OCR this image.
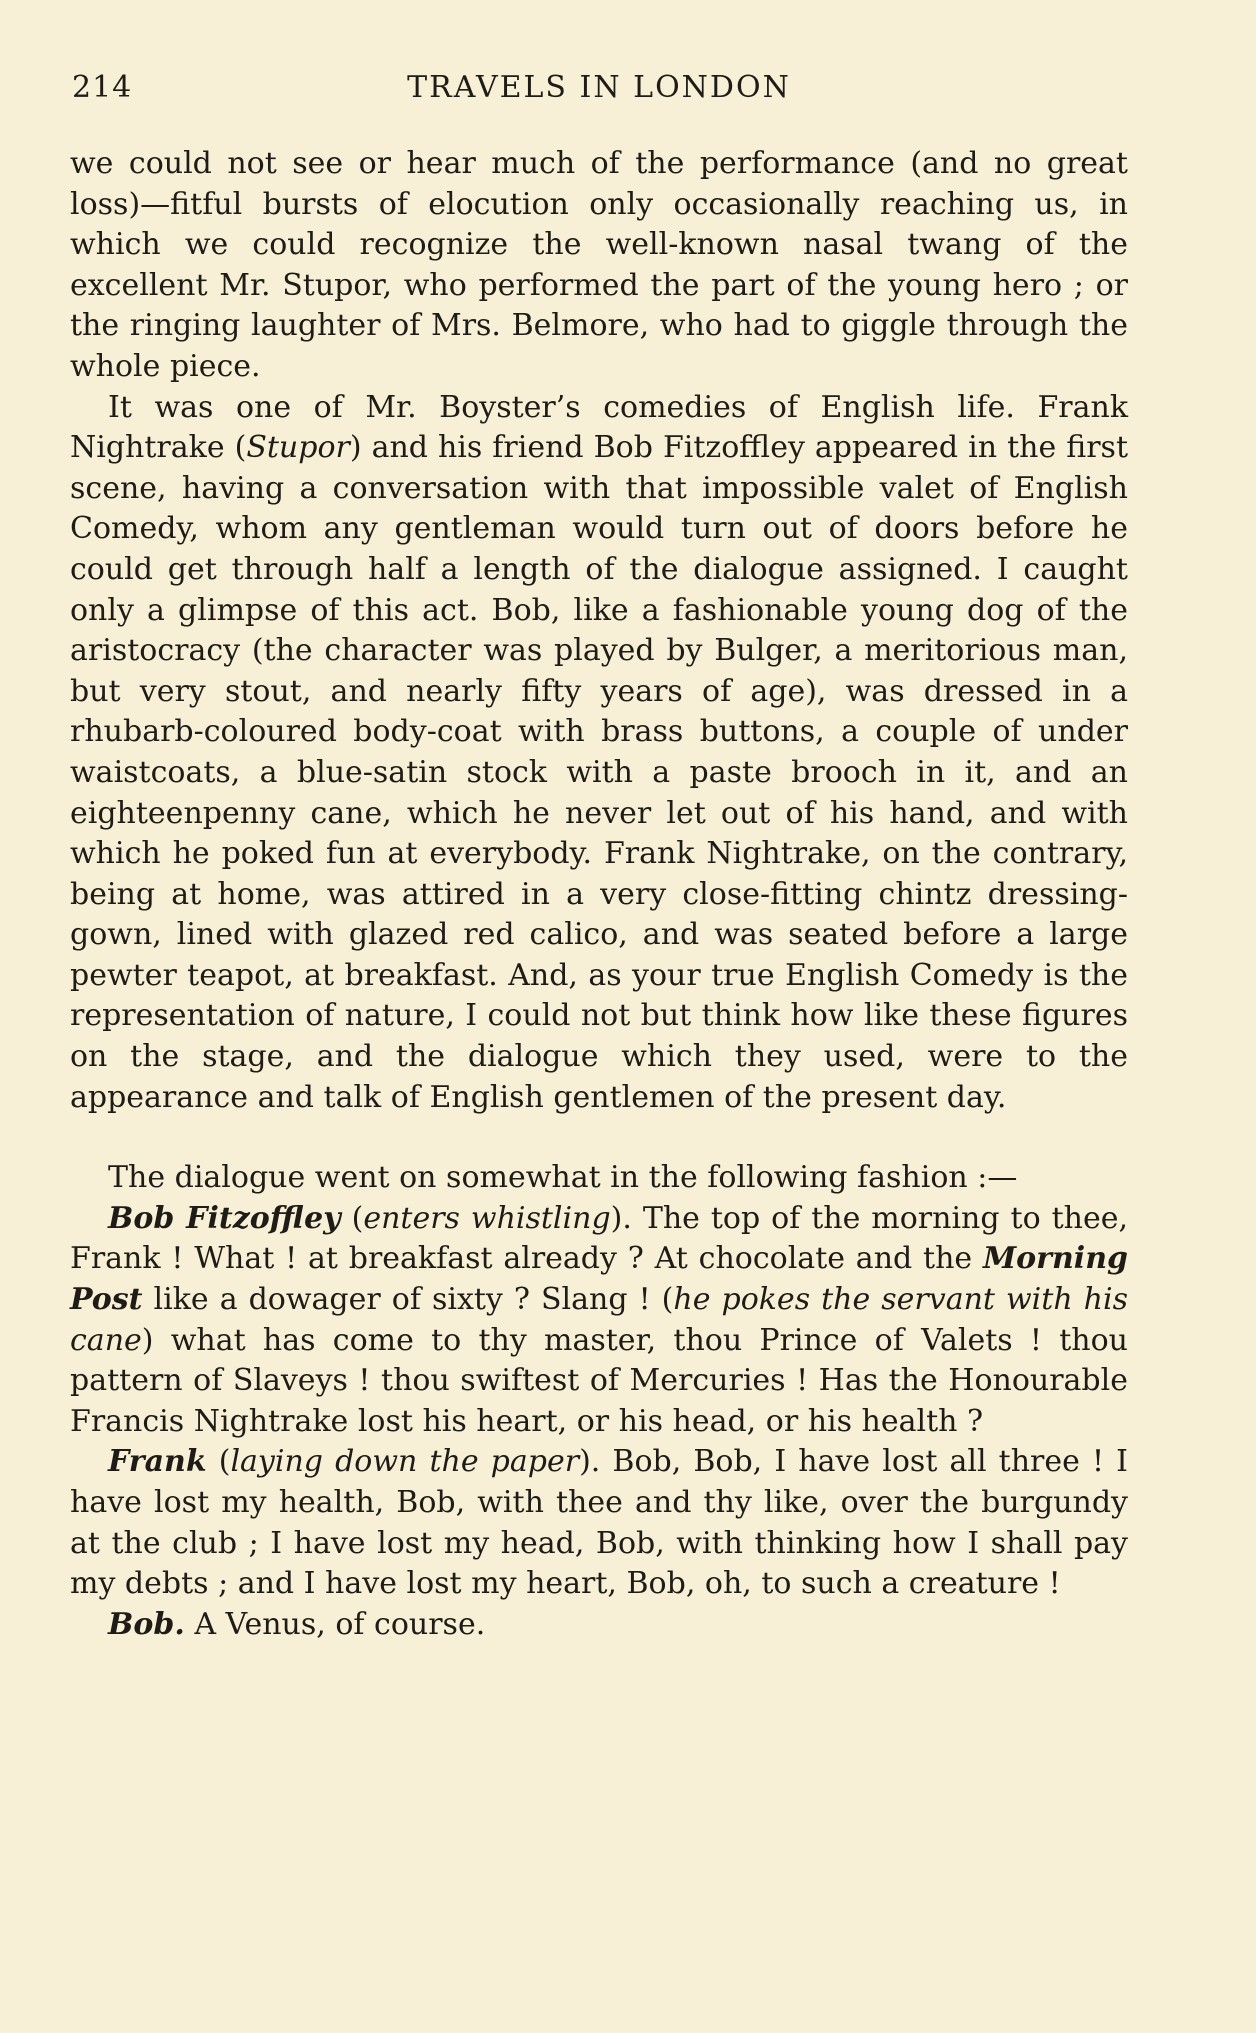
214	TRAVELS IN LONDON

we could not see or hear much of the performance (and no great loss)—fitful bursts of elocution only occasionally reaching us, in which we could recognize the well-known nasal twang of the excellent Mr. Stupor, who performed the part of the young hero ; or the ringing laughter of Mrs. Belmore, who had to giggle through the whole piece.

It was one of Mr. Boyster’s comedies of English life. Frank Nightrake (Stupor) and his friend Bob Fitzoffley appeared in the first scene, having a conversation with that impossible valet of English Comedy, whom any gentleman would turn out of doors before he could get through half a length of the dialogue assigned. I caught only a glimpse of this act. Bob, like a fashionable young dog of the aristocracy (the character was played by Bulger, a meritorious man, but very stout, and nearly fifty years of age), was dressed in a rhubarb-coloured body-coat with brass buttons, a couple of under waistcoats, a blue-satin stock with a paste brooch in it, and an eighteenpenny cane, which he never let out of his hand, and with which he poked fun at everybody. Frank Nightrake, on the contrary, being at home, was attired in a very close-fitting chintz dressing-gown, lined with glazed red calico, and was seated before a large pewter teapot, at breakfast. And, as your true English Comedy is the representation of nature, I could not but think how like these figures on the stage, and the dialogue which they used, were to the appearance and talk of English gentlemen of the present day.

The dialogue went on somewhat in the following fashion :—

Bob Fitzoffley (enters whistling). The top of the morning to thee, Frank ! What ! at breakfast already ? At chocolate and the Morning Post like a dowager of sixty ? Slang ! (he pokes the servant with his cane) what has come to thy master, thou Prince of Valets ! thou pattern of Slaveys ! thou swiftest of Mercuries ! Has the Honourable Francis Nightrake lost his heart, or his head, or his health ?

Frank (laying down the paper). Bob, Bob, I have lost all three ! I have lost my health, Bob, with thee and thy like, over the burgundy at the club ; I have lost my head, Bob, with thinking how I shall pay my debts ; and I have lost my heart, Bob, oh, to such a creature !

Bob. A Venus, of course.
